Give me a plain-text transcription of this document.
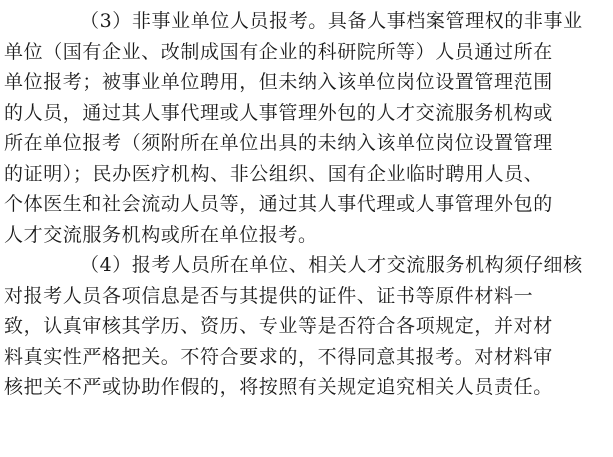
（3）非事业单位人员报考。具备人事档案管理权的非事业
单位（国有企业、改制成国有企业的科研院所等）人员通过所在
单位报考；被事业单位聘用，但未纳入该单位岗位设置管理范围
的人员，通过其人事代理或人事管理外包的人才交流服务机构或
所在单位报考（须附所在单位出具的未纳入该单位岗位设置管理
的证明）；民办医疗机构、非公组织、国有企业临时聘用人员、
个体医生和社会流动人员等，通过其人事代理或人事管理外包的
人才交流服务机构或所在单位报考。
（4）报考人员所在单位、相关人才交流服务机构须仔细核
对报考人员各项信息是否与其提供的证件、证书等原件材料一
致，认真审核其学历、资历、专业等是否符合各项规定，并对材
料真实性严格把关。不符合要求的，不得同意其报考。对材料审
核把关不严或协助作假的，将按照有关规定追究相关人员责任。
